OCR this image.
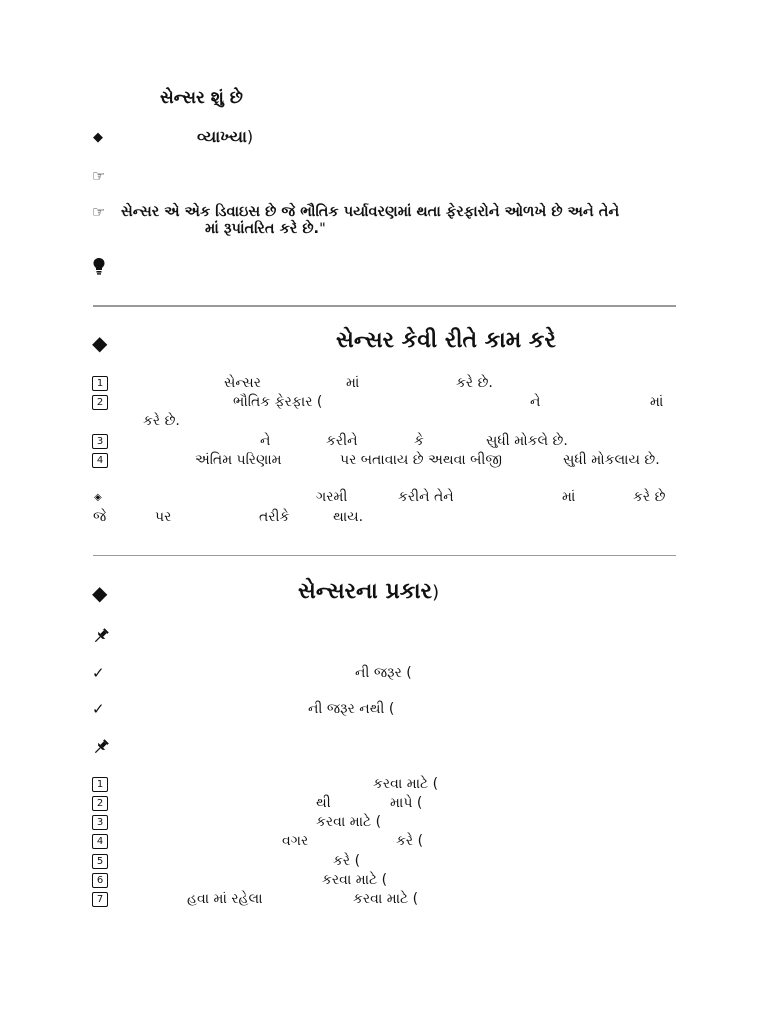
સેન્સર શું છે
◆	વ્યાખ્યા)
☞
☞ સેન્સર એ એક ડિવાઇસ છે જે ભૌતિક પર્યાવરણમાં થતા ફેરફારોને ઓળખે છે અને તેને
માં રૂપાંતરિત કરે છે."
◆	સેન્સર કેવી રીતે કામ કરે
1	સેન્સર	માં	કરે છે.
2	ભૌતિક ફેરફાર (	ને	માં
કરે છે.
3	ને	કરીને	કે	સુધી મોકલે છે.
4	અંતિમ પરિણામ	પર બતાવાય છે અથવા બીજી	સુધી મોકલાય છે.
◈	ગરમી	કરીને તેને	માં	કરે છે
જે	પર	તરીકે	થાય.
◆	સેન્સરના પ્રકાર)
✓	ની જરૂર (
✓	ની જરૂર નથી (
1	કરવા માટે (
2	થી	માપે (
3	કરવા માટે (
4	વગર	કરે (
5	કરે (
6	કરવા માટે (
7	હવા માં રહેલા	કરવા માટે (
